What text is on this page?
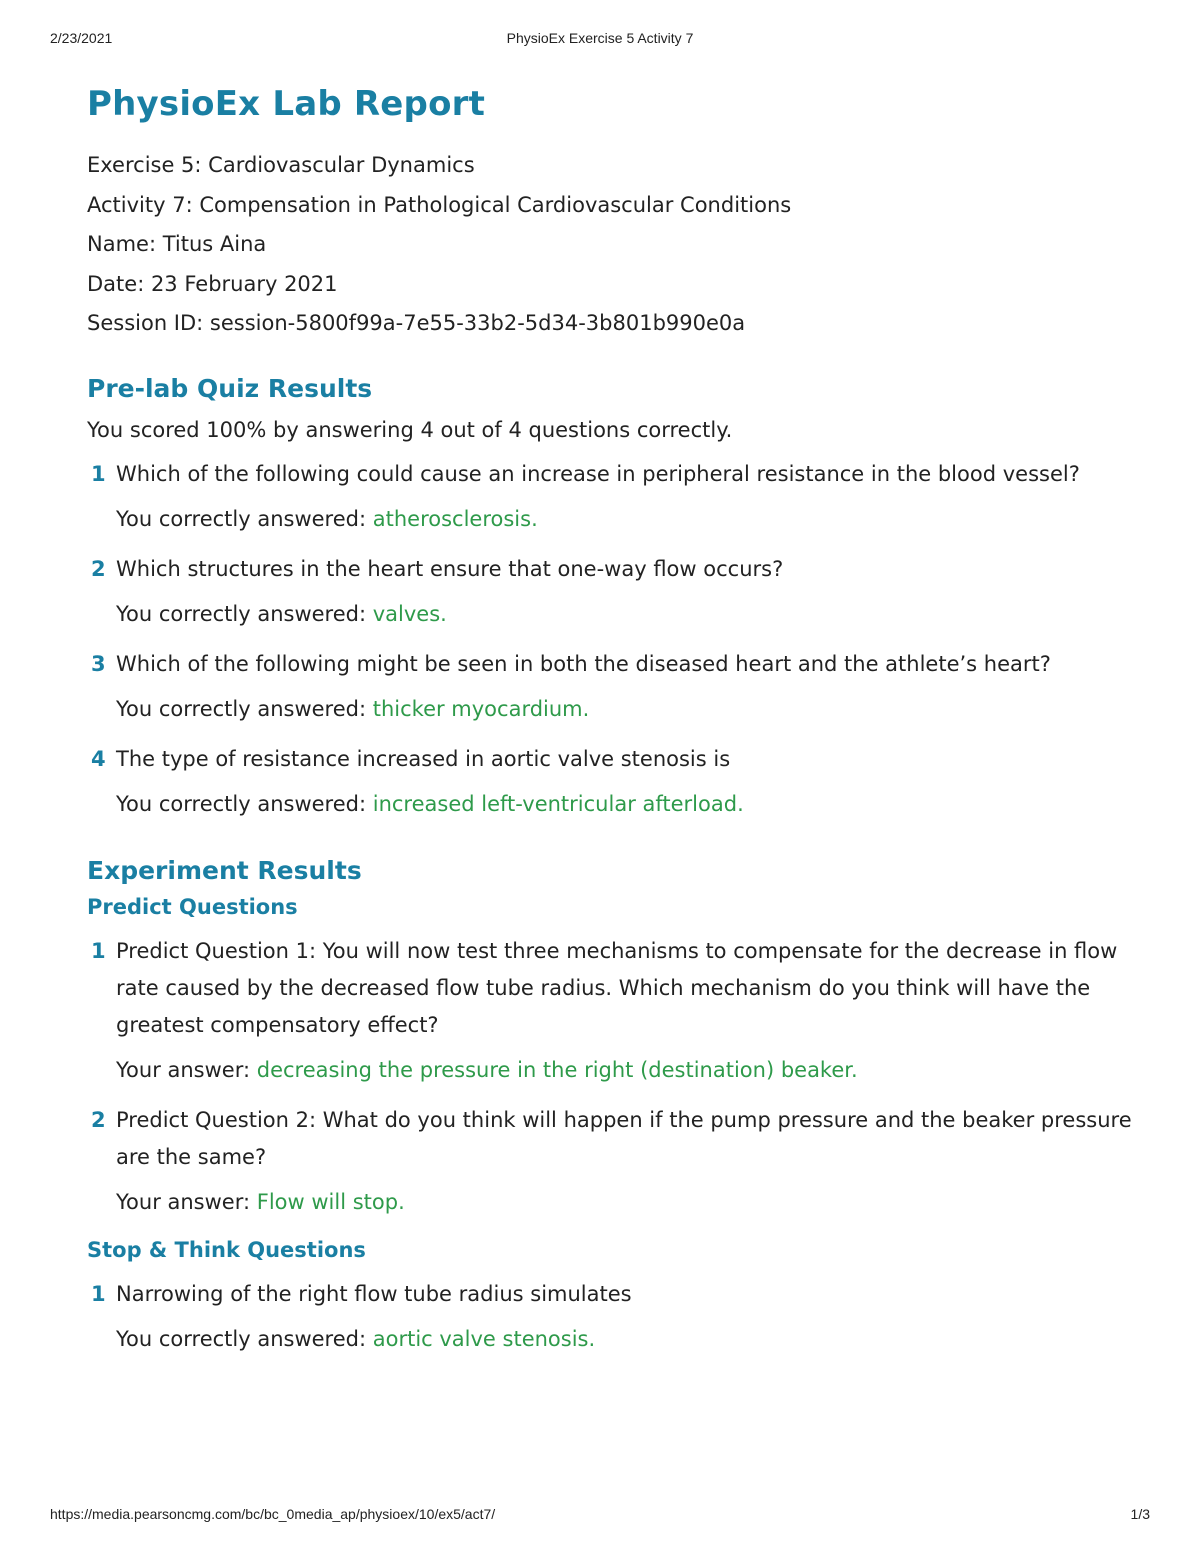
2/23/2021	PhysioEx Exercise 5 Activity 7
PhysioEx Lab Report
Exercise 5: Cardiovascular Dynamics
Activity 7: Compensation in Pathological Cardiovascular Conditions
Name: Titus Aina
Date: 23 February 2021
Session ID: session-5800f99a-7e55-33b2-5d34-3b801b990e0a
Pre-lab Quiz Results
You scored 100% by answering 4 out of 4 questions correctly.
1 Which of the following could cause an increase in peripheral resistance in the blood vessel?
You correctly answered: atherosclerosis.
2 Which structures in the heart ensure that one-way flow occurs?
You correctly answered: valves.
3 Which of the following might be seen in both the diseased heart and the athlete’s heart?
You correctly answered: thicker myocardium.
4 The type of resistance increased in aortic valve stenosis is
You correctly answered: increased left-ventricular afterload.
Experiment Results
Predict Questions
1 Predict Question 1: You will now test three mechanisms to compensate for the decrease in flow rate caused by the decreased flow tube radius. Which mechanism do you think will have the greatest compensatory effect?
Your answer: decreasing the pressure in the right (destination) beaker.
2 Predict Question 2: What do you think will happen if the pump pressure and the beaker pressure are the same?
Your answer: Flow will stop.
Stop & Think Questions
1 Narrowing of the right flow tube radius simulates
You correctly answered: aortic valve stenosis.
https://media.pearsoncmg.com/bc/bc_0media_ap/physioex/10/ex5/act7/	1/3
